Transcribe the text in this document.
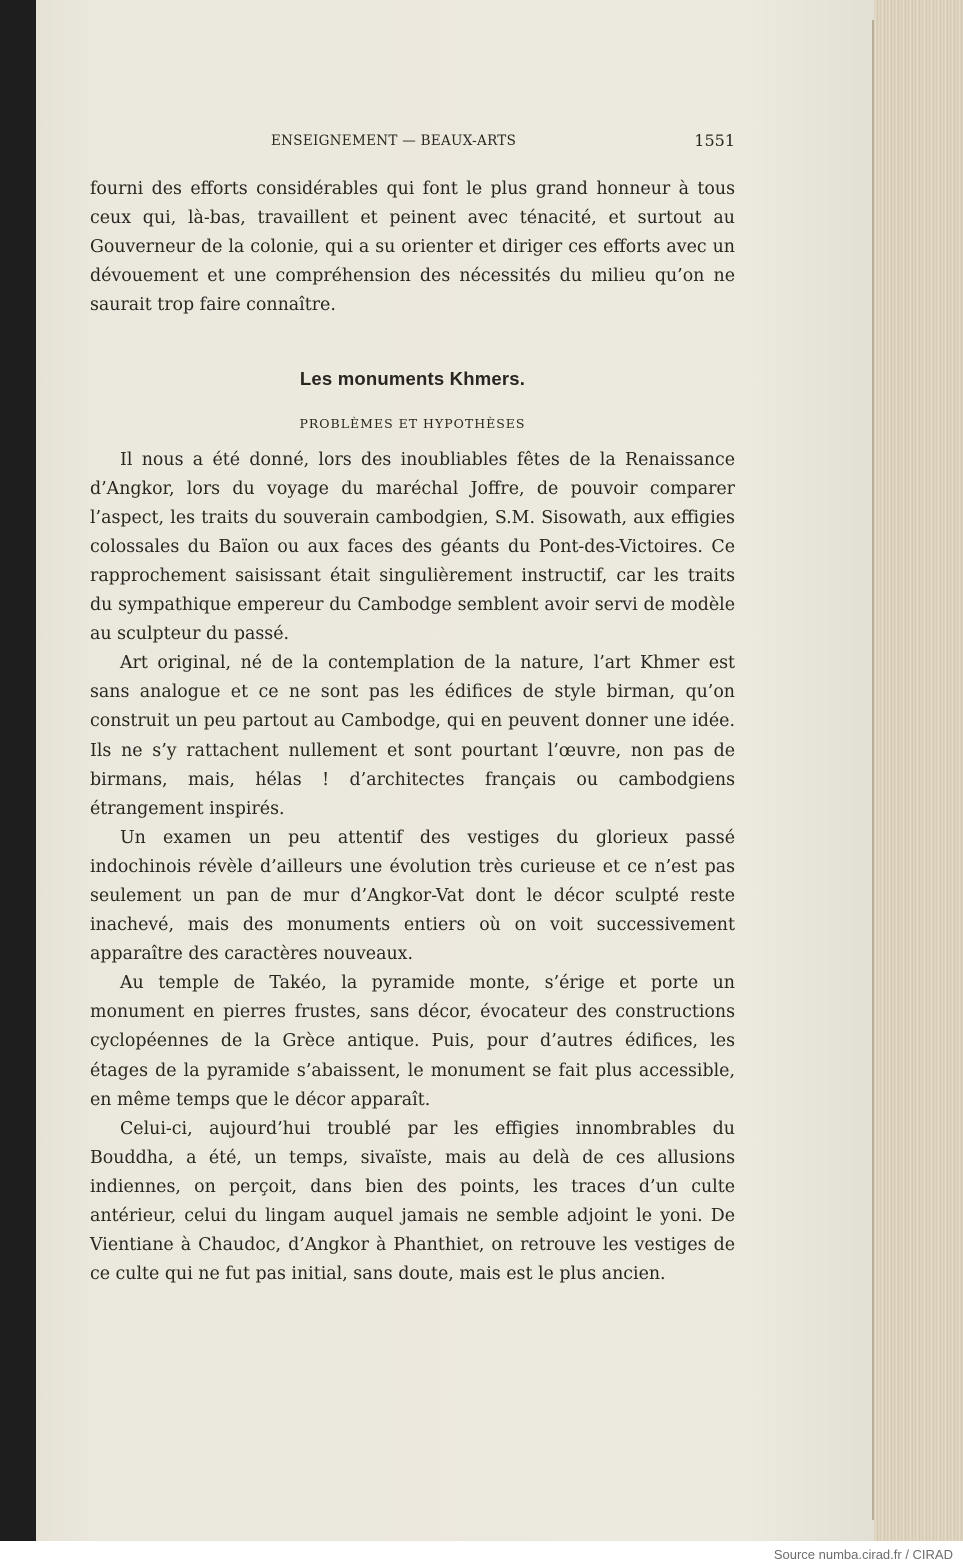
ENSEIGNEMENT — BEAUX-ARTS	1551

fourni des efforts considérables qui font le plus grand honneur à tous ceux qui, là-bas, travaillent et peinent avec ténacité, et surtout au Gouverneur de la colonie, qui a su orienter et diriger ces efforts avec un dévouement et une compréhension des nécessités du milieu qu’on ne saurait trop faire connaître.

Les monuments Khmers.

PROBLÈMES ET HYPOTHÈSES

Il nous a été donné, lors des inoubliables fêtes de la Renaissance d’Angkor, lors du voyage du maréchal Joffre, de pouvoir comparer l’aspect, les traits du souverain cambodgien, S.M. Sisowath, aux effigies colossales du Baïon ou aux faces des géants du Pont-des-Victoires. Ce rapprochement saisissant était singulièrement instructif, car les traits du sympathique empereur du Cambodge semblent avoir servi de modèle au sculpteur du passé.

Art original, né de la contemplation de la nature, l’art Khmer est sans analogue et ce ne sont pas les édifices de style birman, qu’on construit un peu partout au Cambodge, qui en peuvent donner une idée. Ils ne s’y rattachent nullement et sont pourtant l’œuvre, non pas de birmans, mais, hélas ! d’architectes français ou cambodgiens étrangement inspirés.

Un examen un peu attentif des vestiges du glorieux passé indochinois révèle d’ailleurs une évolution très curieuse et ce n’est pas seulement un pan de mur d’Angkor-Vat dont le décor sculpté reste inachevé, mais des monuments entiers où on voit successivement apparaître des caractères nouveaux.

Au temple de Takéo, la pyramide monte, s’érige et porte un monument en pierres frustes, sans décor, évocateur des constructions cyclopéennes de la Grèce antique. Puis, pour d’autres édifices, les étages de la pyramide s’abaissent, le monument se fait plus accessible, en même temps que le décor apparaît.

Celui-ci, aujourd’hui troublé par les effigies innombrables du Bouddha, a été, un temps, sivaïste, mais au delà de ces allusions indiennes, on perçoit, dans bien des points, les traces d’un culte antérieur, celui du lingam auquel jamais ne semble adjoint le yoni. De Vientiane à Chaudoc, d’Angkor à Phanthiet, on retrouve les vestiges de ce culte qui ne fut pas initial, sans doute, mais est le plus ancien.

Source numba.cirad.fr / CIRAD
